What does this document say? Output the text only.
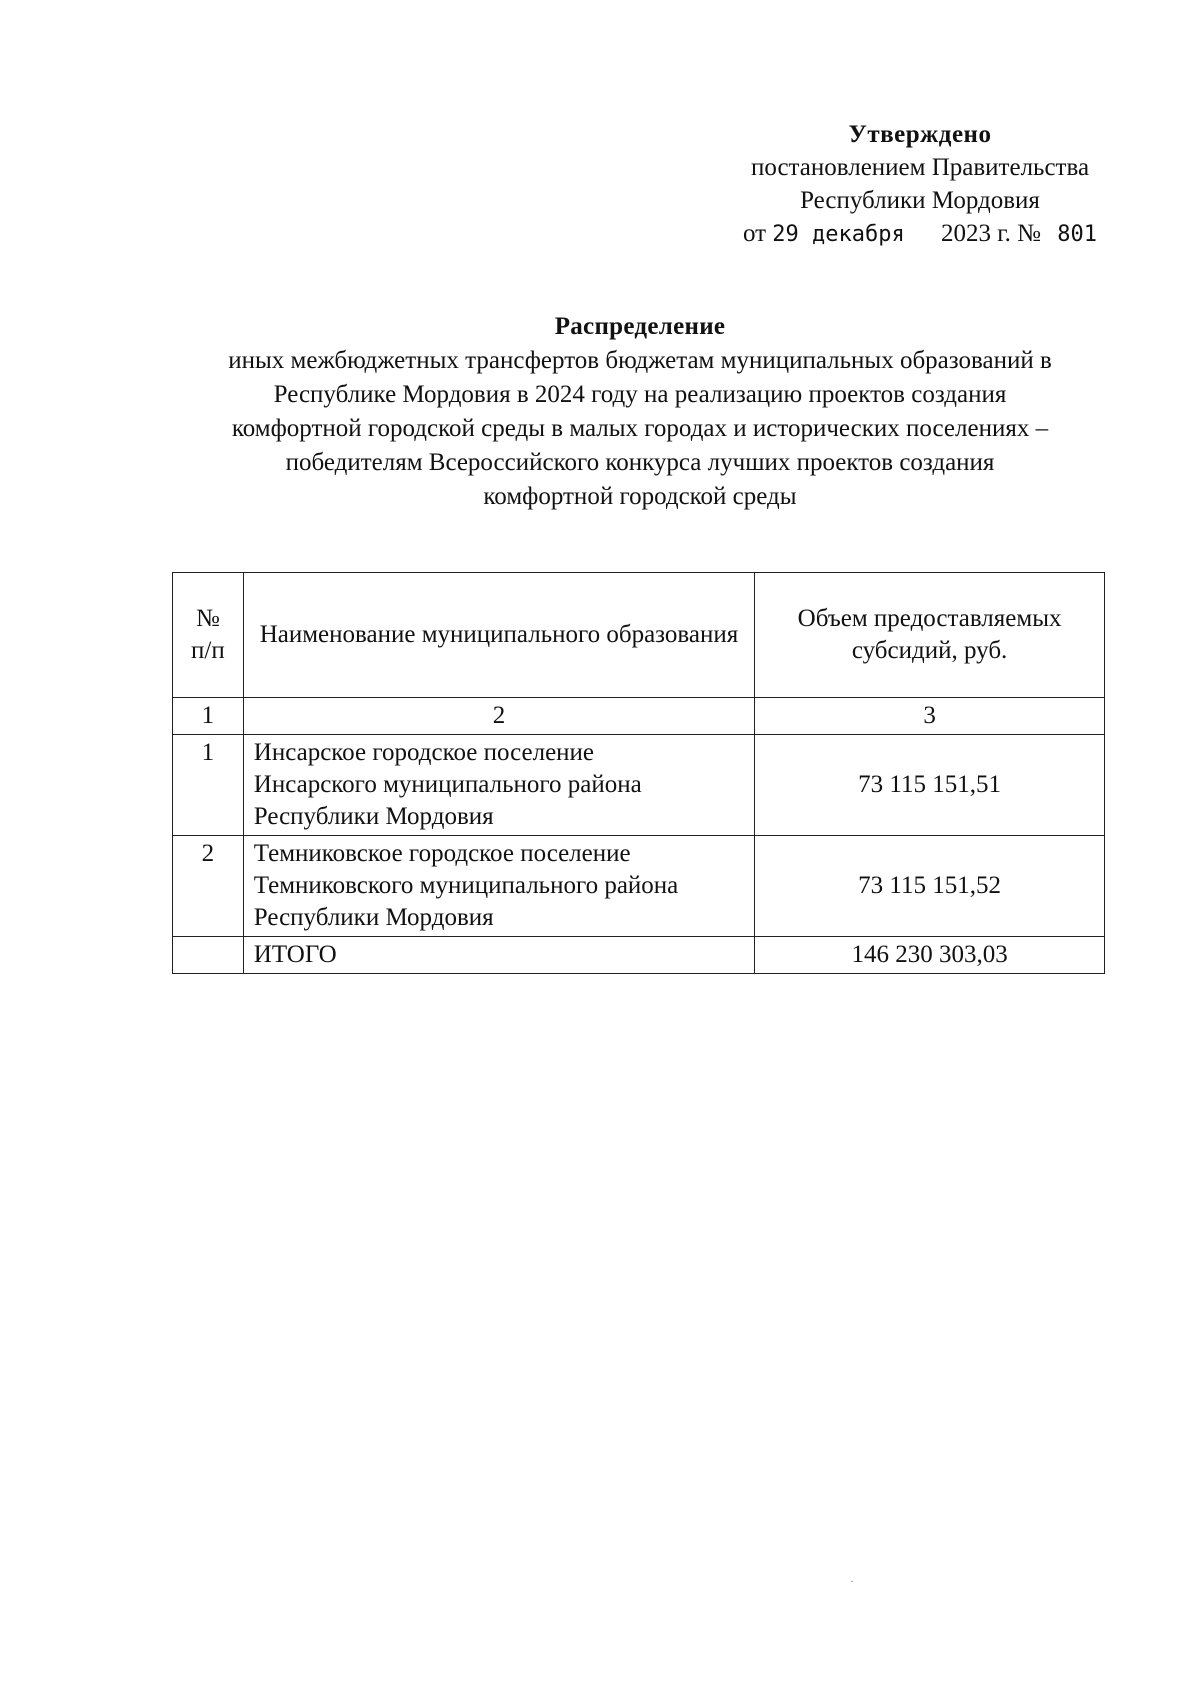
Утверждено
постановлением Правительства
Республики Мордовия
от 29 декабря 2023 г. № 801
Распределение
иных межбюджетных трансфертов бюджетам муниципальных образований в
Республике Мордовия в 2024 году на реализацию проектов создания
комфортной городской среды в малых городах и исторических поселениях –
победителям Всероссийского конкурса лучших проектов создания
комфортной городской среды
№ п/п	Наименование муниципального образования	Объем предоставляемых субсидий, руб.
1	2	3
1	Инсарское городское поселение
Инсарского муниципального района
Республики Мордовия	73 115 151,51
2	Темниковское городское поселение
Темниковского муниципального района
Республики Мордовия	73 115 151,52
	ИТОГО	146 230 303,03
·
